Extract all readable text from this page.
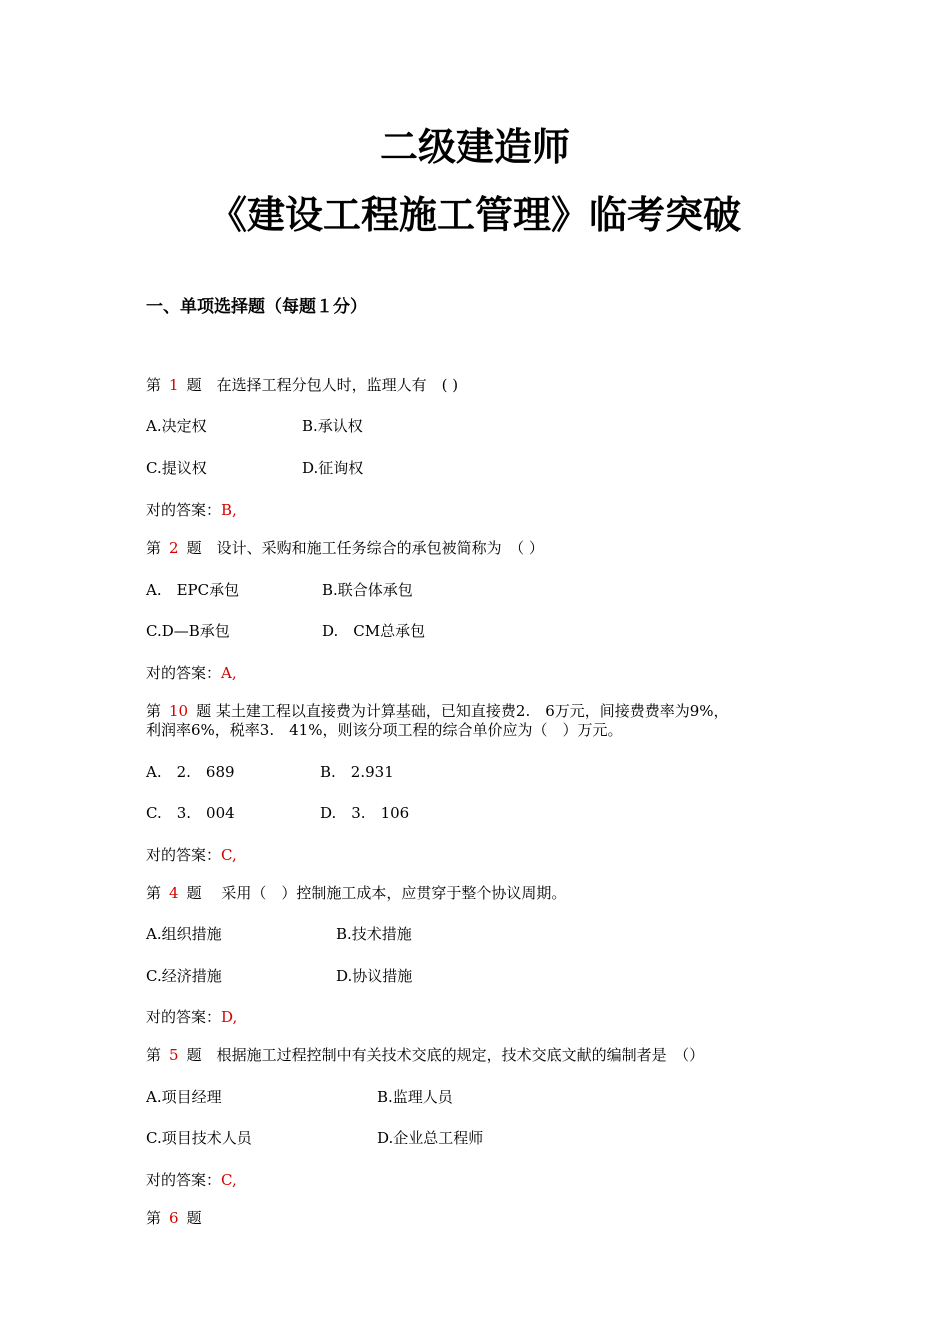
二级建造师
《建设工程施工管理》临考突破
一、单项选择题（每题１分）
第 1 题　 在选择工程分包人时，监理人有　( )
A.决定权	B.承认权
C.提议权	D.征询权
对的答案：B,
第 2 题　 设计、采购和施工任务综合的承包被简称为　（ ）
A.　EPC承包	B.联合体承包
C.D—B承包	D.　CM总承包
对的答案：A,
第 10 题 某土建工程以直接费为计算基础，已知直接费2.　6万元，间接费费率为9%，
利润率6%，税率3.　41%，则该分项工程的综合单价应为（　）万元。
A.　2.　689	B.　2.931
C.　3.　004	D.　3.　106
对的答案：C,
第 4 题　 采用（　）控制施工成本，应贯穿于整个协议周期。
A.组织措施	B.技术措施
C.经济措施	D.协议措施
对的答案：D,
第 5 题　 根据施工过程控制中有关技术交底的规定，技术交底文献的编制者是　（）
A.项目经理	B.监理人员
C.项目技术人员	D.企业总工程师
对的答案：C,
第 6 题
